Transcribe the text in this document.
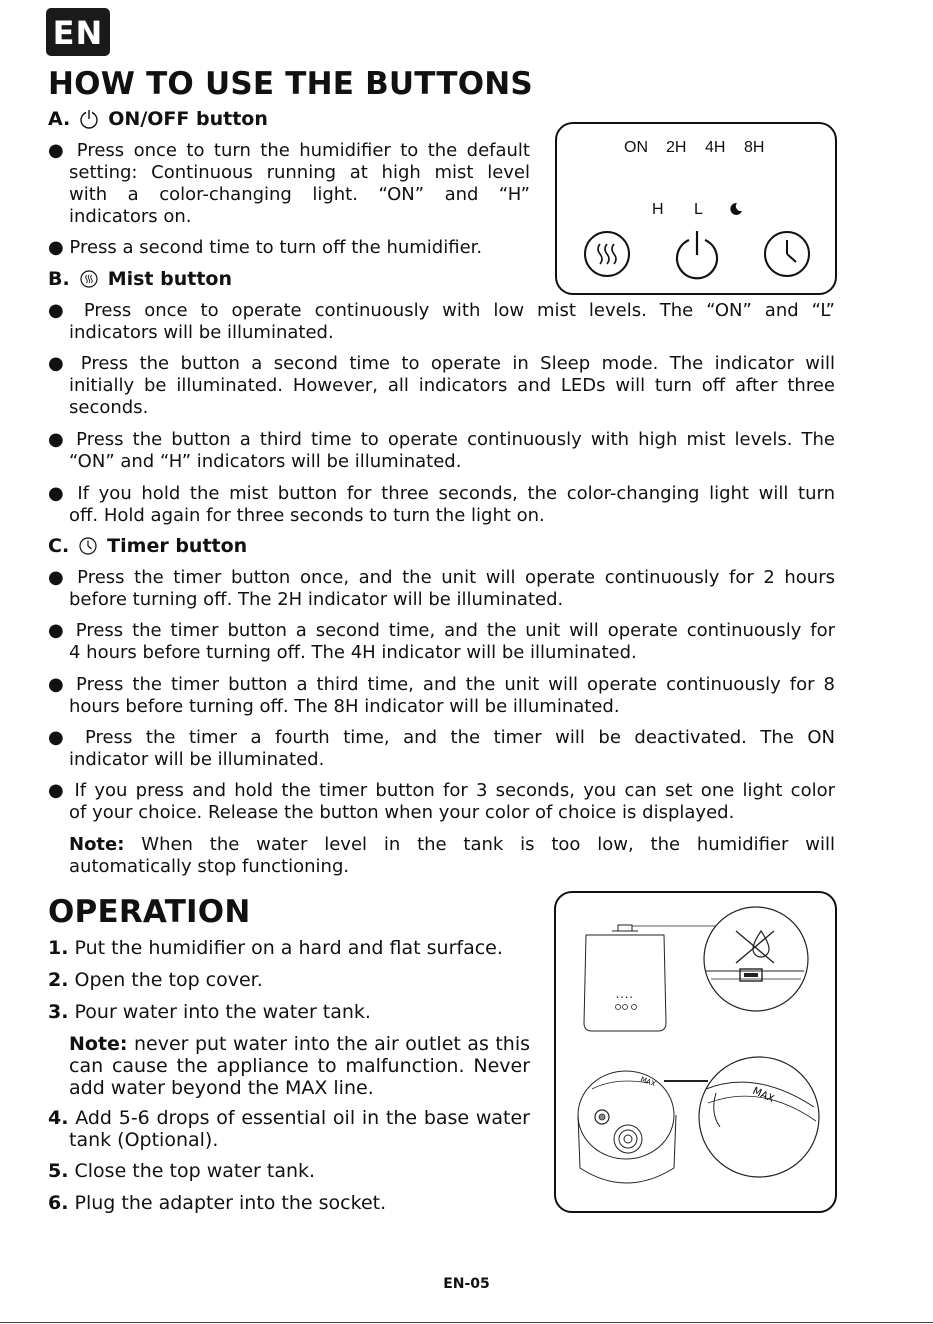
EN
HOW TO USE THE BUTTONS
A. ON/OFF button
● Press once to turn the humidifier to the default
setting: Continuous running at high mist level
with a color-changing light. “ON” and “H”
indicators on.
● Press a second time to turn off the humidifier.
ON 2H 4H 8H
H L
B. Mist button
● Press once to operate continuously with low mist levels. The “ON” and “L”
indicators will be illuminated.
● Press the button a second time to operate in Sleep mode. The indicator will
initially be illuminated. However, all indicators and LEDs will turn off after three
seconds.
● Press the button a third time to operate continuously with high mist levels. The
“ON” and “H” indicators will be illuminated.
● If you hold the mist button for three seconds, the color-changing light will turn
off. Hold again for three seconds to turn the light on.
C. Timer button
● Press the timer button once, and the unit will operate continuously for 2 hours
before turning off. The 2H indicator will be illuminated.
● Press the timer button a second time, and the unit will operate continuously for
4 hours before turning off. The 4H indicator will be illuminated.
● Press the timer button a third time, and the unit will operate continuously for 8
hours before turning off. The 8H indicator will be illuminated.
● Press the timer a fourth time, and the timer will be deactivated. The ON
indicator will be illuminated.
● If you press and hold the timer button for 3 seconds, you can set one light color
of your choice. Release the button when your color of choice is displayed.
Note: When the water level in the tank is too low, the humidifier will
automatically stop functioning.
OPERATION
1. Put the humidifier on a hard and flat surface.
2. Open the top cover.
3. Pour water into the water tank.
Note: never put water into the air outlet as this
can cause the appliance to malfunction. Never
add water beyond the MAX line.
4. Add 5-6 drops of essential oil in the base water
tank (Optional).
5. Close the top water tank.
6. Plug the adapter into the socket.
• • • •
MAX
MAX
EN-05
